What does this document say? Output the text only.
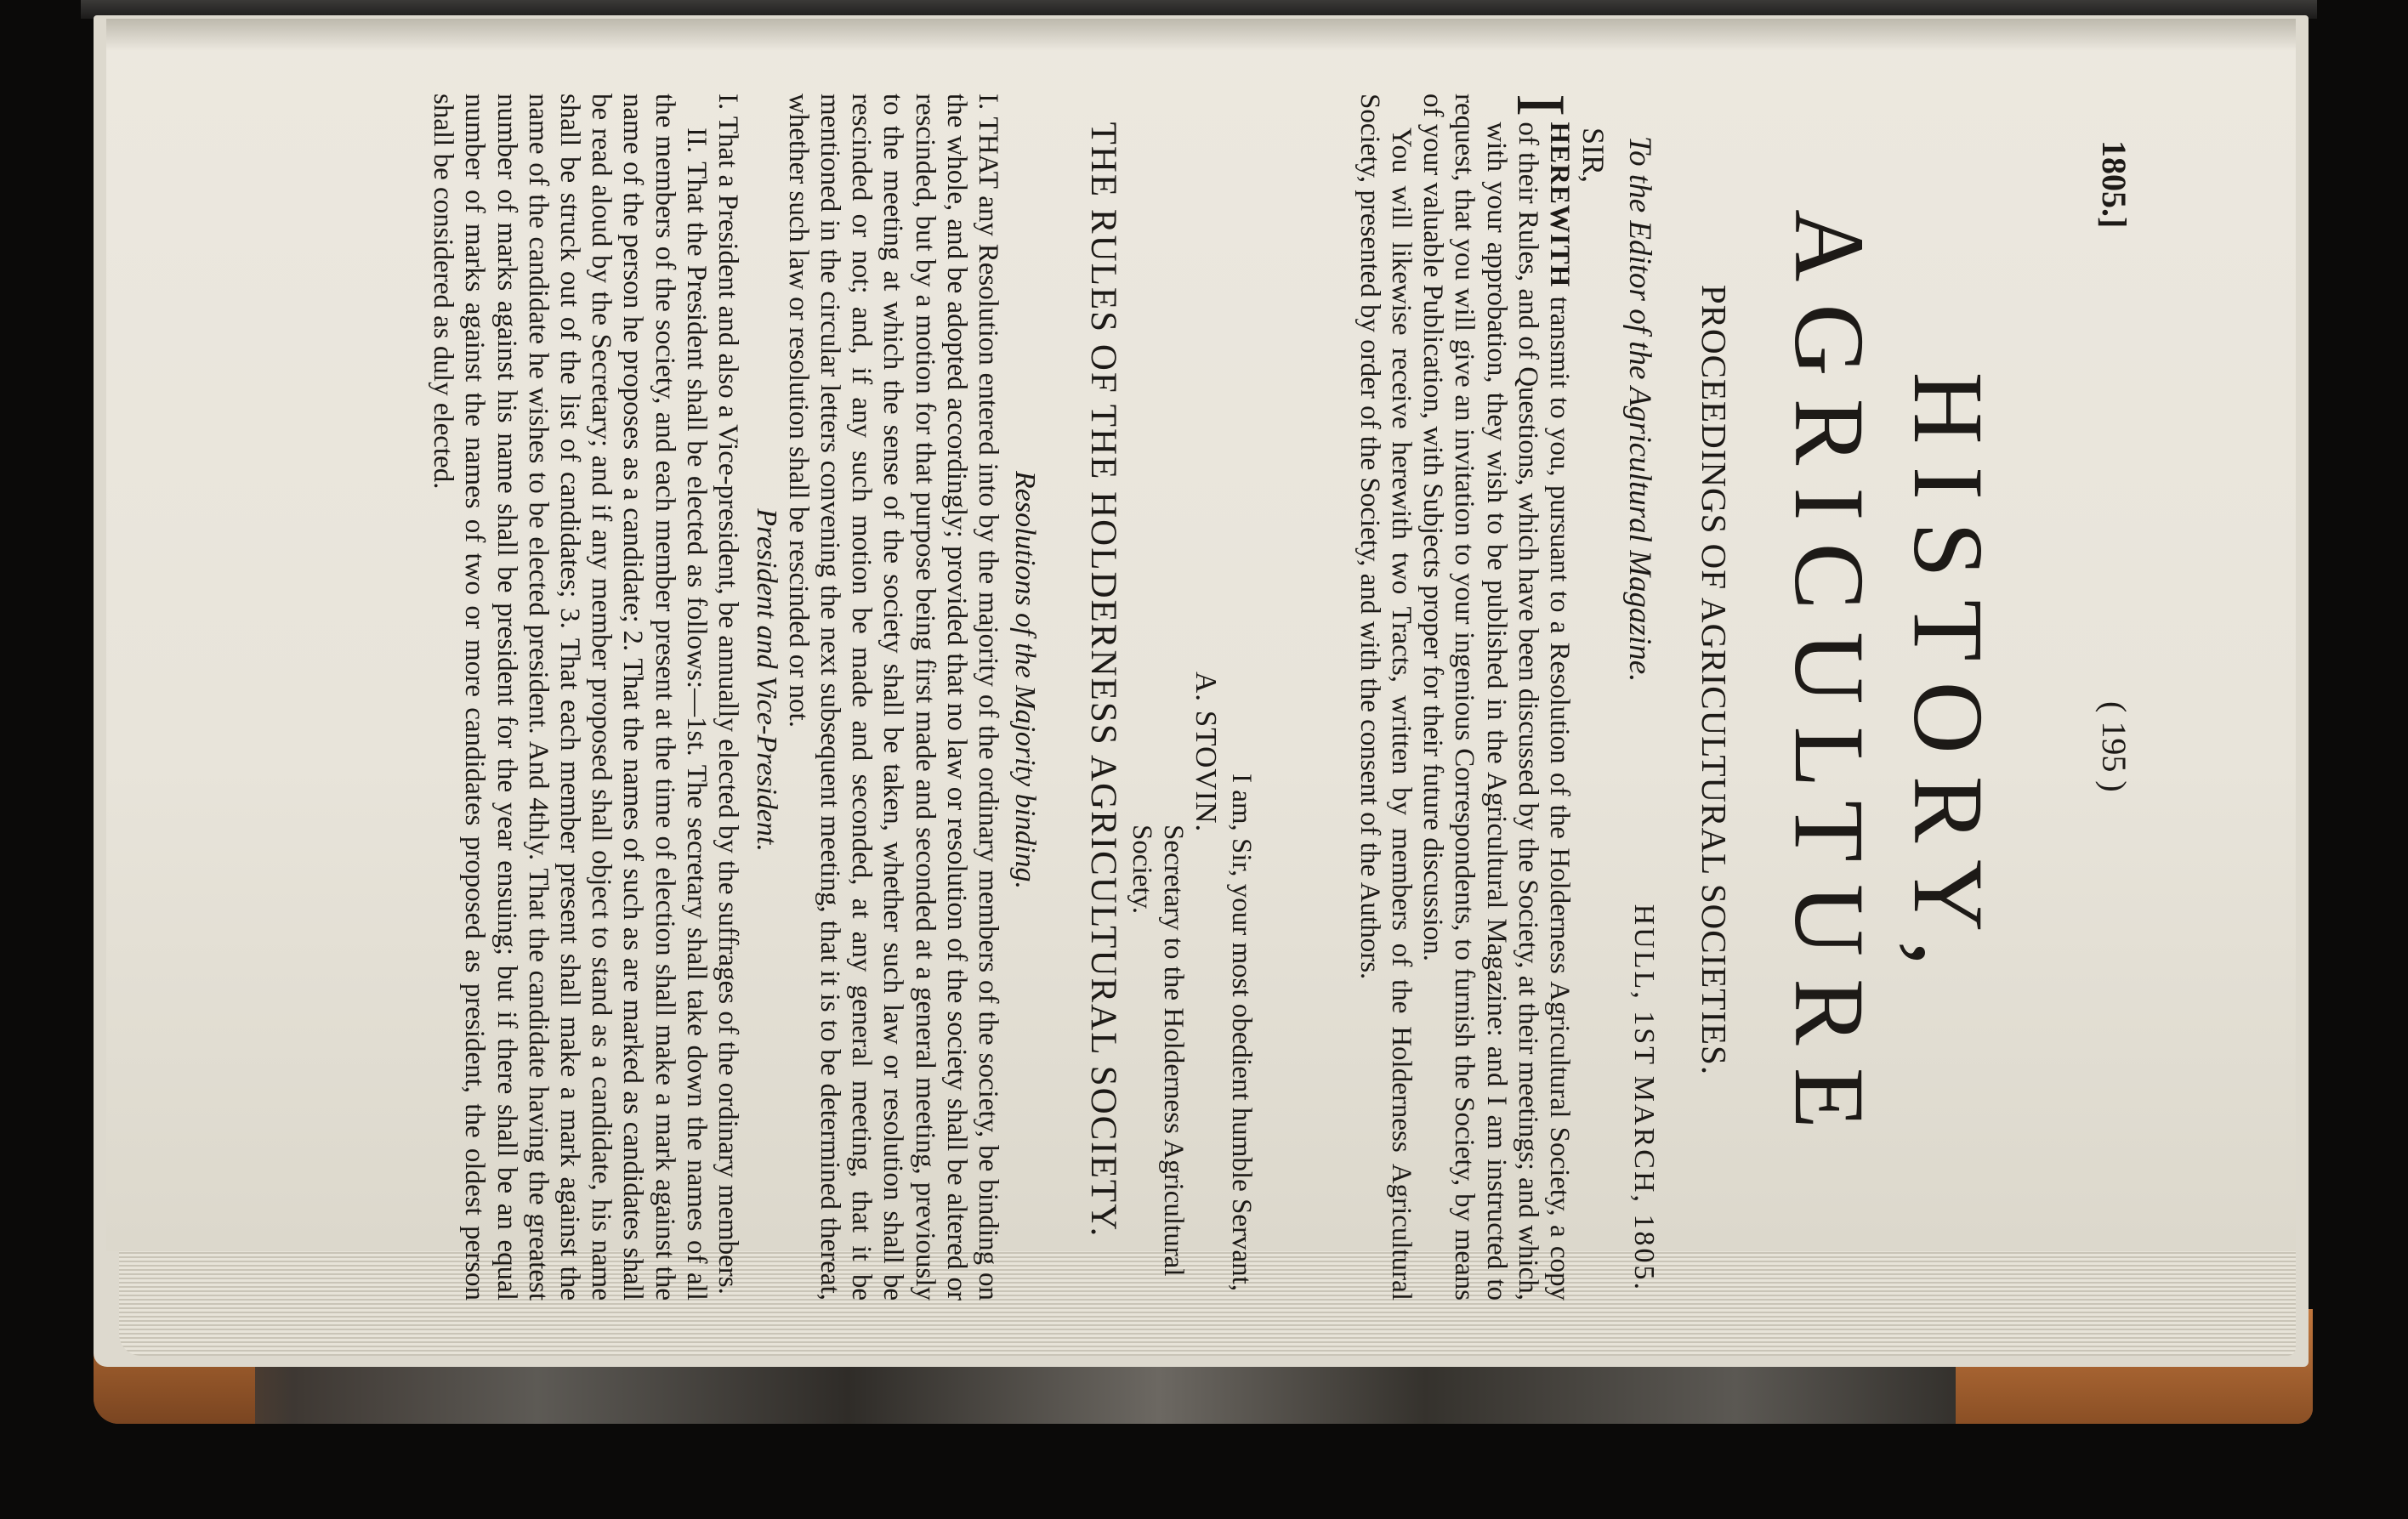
1805.]
( 195 )
HISTORY,
AGRICULTURE
PROCEEDINGS OF AGRICULTURAL SOCIETIES.
HULL, 1ST MARCH, 1805.
To the Editor of the Agricultural Magazine.
SIR,

I
HEREWITH transmit to you, pursuant to a Resolution of the Holderness Agricultural Society, a copy of their Rules, and of Questions, which have been discussed by the Society, at their meetings; and which, with your approbation, they wish to be published in the Agricultural Magazine: and I am instructed to request, that you will give an invitation to your ingenious Correspondents, to furnish the Society, by means of your valuable Publication, with Subjects proper for their future discussion.
You will likewise receive herewith two Tracts, written by members of the Holderness Agricultural Society, presented by order of the Society, and with the consent of the Authors.

I am, Sir, your most obedient humble Servant,
A. STOVIN.
Secretary to the Holderness Agricultural Society.
THE RULES OF THE HOLDERNESS AGRICULTURAL SOCIETY.
Resolutions of the Majority binding.

I. THAT any Resolution entered into by the majority of the ordinary members of the society, be binding on the whole, and be adopted accordingly; provided that no law or resolution of the society shall be altered or rescinded, but by a motion for that purpose being first made and seconded at a general meeting, previously to the meeting at which the sense of the society shall be taken, whether such law or resolution shall be rescinded or not; and, if any such motion be made and seconded, at any general meeting, that it be mentioned in the circular letters convening the next subsequent meeting, that it is to be determined thereat, whether such law or resolution shall be rescinded or not.

President and Vice-President.

I. That a President and also a Vice-president, be annually elected by the suffrages of the ordinary members.
II. That the President shall be elected as follows:—1st. The secretary shall take down the names of all the members of the society, and each member present at the time of election shall make a mark against the name of the person he proposes as a candidate; 2. That the names of such as are marked as candidates shall be read aloud by the Secretary; and if any member proposed shall object to stand as a candidate, his name shall be struck out of the list of candidates; 3. That each member present shall make a mark against the name of the candidate he wishes to be elected president. And 4thly. That the candidate having the greatest number of marks against his name shall be president for the year ensuing; but if there shall be an equal number of marks against the names of two or more candidates proposed as president, the oldest person shall be considered as duly elected.
